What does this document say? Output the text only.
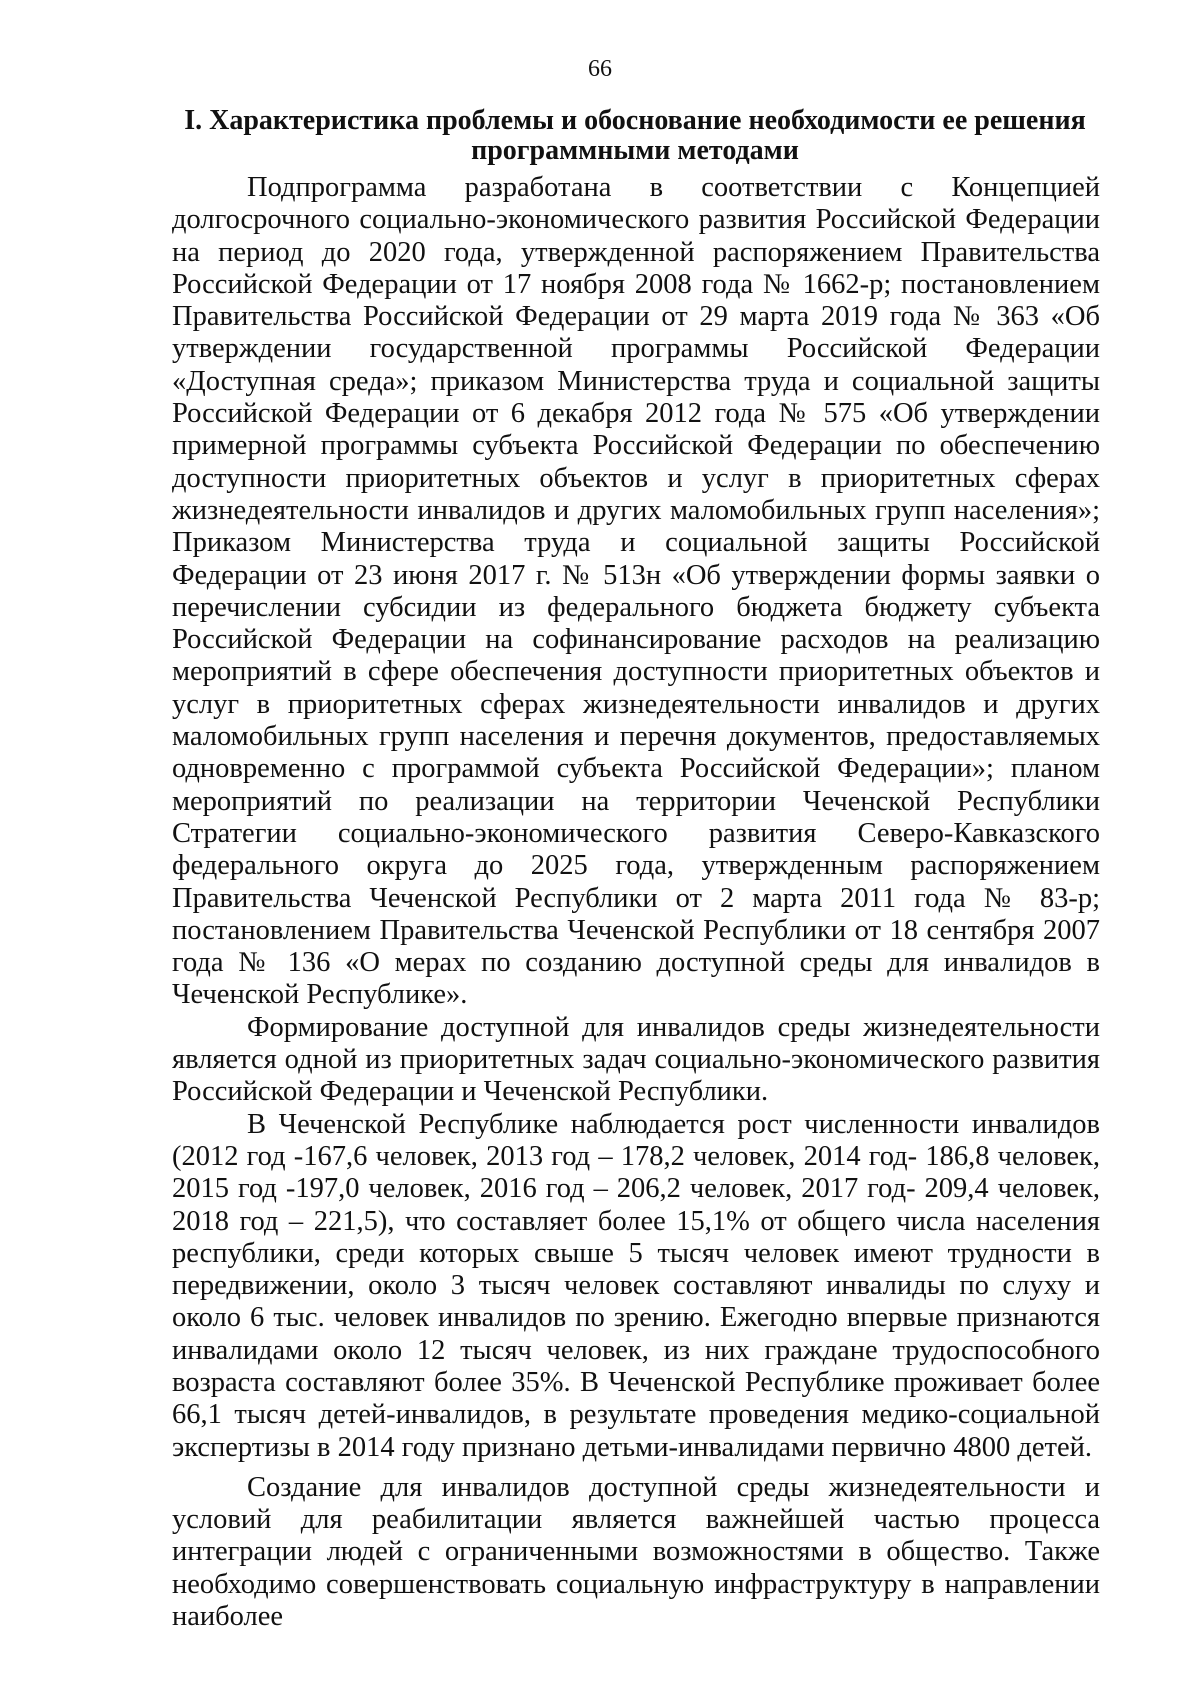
66
I. Характеристика проблемы и обоснование необходимости ее решения
программными методами

Подпрограмма разработана в соответствии с Концепцией долгосрочного социально-экономического развития Российской Федерации на период до 2020 года, утвержденной распоряжением Правительства Российской Федерации от 17 ноября 2008 года № 1662-р; постановлением Правительства Российской Федерации от 29 марта 2019 года № 363 «Об утверждении государственной программы Российской Федерации «Доступная среда»; приказом Министерства труда и социальной защиты Российской Федерации от 6 декабря 2012 года № 575 «Об утверждении примерной программы субъекта Российской Федерации по обеспечению доступности приоритетных объектов и услуг в приоритетных сферах жизнедеятельности инвалидов и других маломобильных групп населения»; Приказом Министерства труда и социальной защиты Российской Федерации от 23 июня 2017 г. № 513н «Об утверждении формы заявки о перечислении субсидии из федерального бюджета бюджету субъекта Российской Федерации на софинансирование расходов на реализацию мероприятий в сфере обеспечения доступности приоритетных объектов и услуг в приоритетных сферах жизнедеятельности инвалидов и других маломобильных групп населения и перечня документов, предоставляемых одновременно с программой субъекта Российской Федерации»; планом мероприятий по реализации на территории Чеченской Республики Стратегии социально-экономического развития Северо-Кавказского федерального округа до 2025 года, утвержденным распоряжением Правительства Чеченской Республики от 2 марта 2011 года № 83-р; постановлением Правительства Чеченской Республики от 18 сентября 2007 года № 136 «О мерах по созданию доступной среды для инвалидов в Чеченской Республике».

Формирование доступной для инвалидов среды жизнедеятельности является одной из приоритетных задач социально-экономического развития Российской Федерации и Чеченской Республики.

В Чеченской Республике наблюдается рост численности инвалидов (2012 год -167,6 человек, 2013 год – 178,2 человек, 2014 год- 186,8 человек, 2015 год -197,0 человек, 2016 год – 206,2 человек, 2017 год- 209,4 человек, 2018 год – 221,5), что составляет более 15,1% от общего числа населения республики, среди которых свыше 5 тысяч человек имеют трудности в передвижении, около 3 тысяч человек составляют инвалиды по слуху и около 6 тыс. человек инвалидов по зрению. Ежегодно впервые признаются инвалидами около 12 тысяч человек, из них граждане трудоспособного возраста составляют более 35%. В Чеченской Республике проживает более 66,1 тысяч детей-инвалидов, в результате проведения медико-социальной экспертизы в 2014 году признано детьми-инвалидами первично 4800 детей.

Создание для инвалидов доступной среды жизнедеятельности и условий для реабилитации является важнейшей частью процесса интеграции людей с ограниченными возможностями в общество. Также необходимо совершенствовать социальную инфраструктуру в направлении наиболее
